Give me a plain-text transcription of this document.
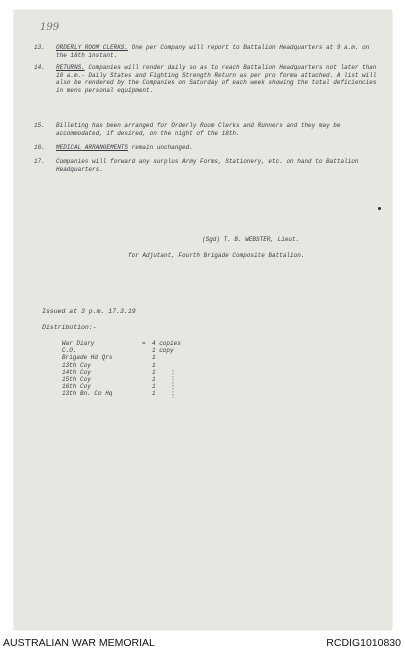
199
13.	ORDERLY ROOM CLERKS. One per Company will report to Battalion Headquarters at 9 a.m. on the 18th instant.
14.	RETURNS. Companies will render daily so as to reach Battalion Headquarters not later than 10 a.m.- Daily States and Fighting Strength Return as per pro forma attached. A list will also be rendered by the Companies on Saturday of each week showing the total deficiencies in mens personal equipment.
15.	Billeting has been arranged for Orderly Room Clerks and Runners and they may be accommodated, if desired, on the night of the 18th.
16.	MEDICAL ARRANGEMENTS remain unchanged.
17.	Companies will forward any surplus Army Forms, Stationery, etc. on hand to Battalion Headquarters.
(Sgd) T. B. WEBSTER, Lieut.
for Adjutant, Fourth Brigade Composite Battalion.
Issued at 3 p.m. 17.3.19
Distribution:-
War Diary	= 4 copies
C.O.	1 copy
Brigade Hd Qrs	1
13th Coy	1
14th Coy	1
15th Coy	1
16th Coy	1
13th Bn. Co Hq	1
AUSTRALIAN WAR MEMORIAL	RCDIG1010830
